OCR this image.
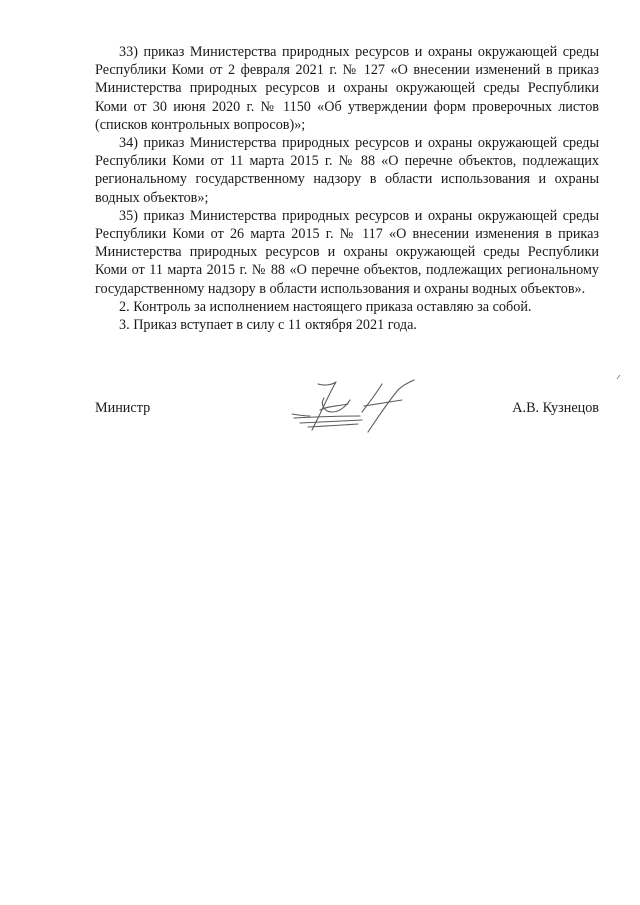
33) приказ Министерства природных ресурсов и охраны окружающей среды Республики Коми от 2 февраля 2021 г. № 127 «О внесении изменений в приказ Министерства природных ресурсов и охраны окружающей среды Республики Коми от 30 июня 2020 г. № 1150 «Об утверждении форм проверочных листов (списков контрольных вопросов)»;

34) приказ Министерства природных ресурсов и охраны окружающей среды Республики Коми от 11 марта 2015 г. № 88 «О перечне объектов, подлежащих региональному государственному надзору в области использования и охраны водных объектов»;

35) приказ Министерства природных ресурсов и охраны окружающей среды Республики Коми от 26 марта 2015 г. № 117 «О внесении изменения в приказ Министерства природных ресурсов и охраны окружающей среды Республики Коми от 11 марта 2015 г. № 88 «О перечне объектов, подлежащих региональному государственному надзору в области использования и охраны водных объектов».

2. Контроль за исполнением настоящего приказа оставляю за собой.

3. Приказ вступает в силу с 11 октября 2021 года.

Министр	А.В. Кузнецов
